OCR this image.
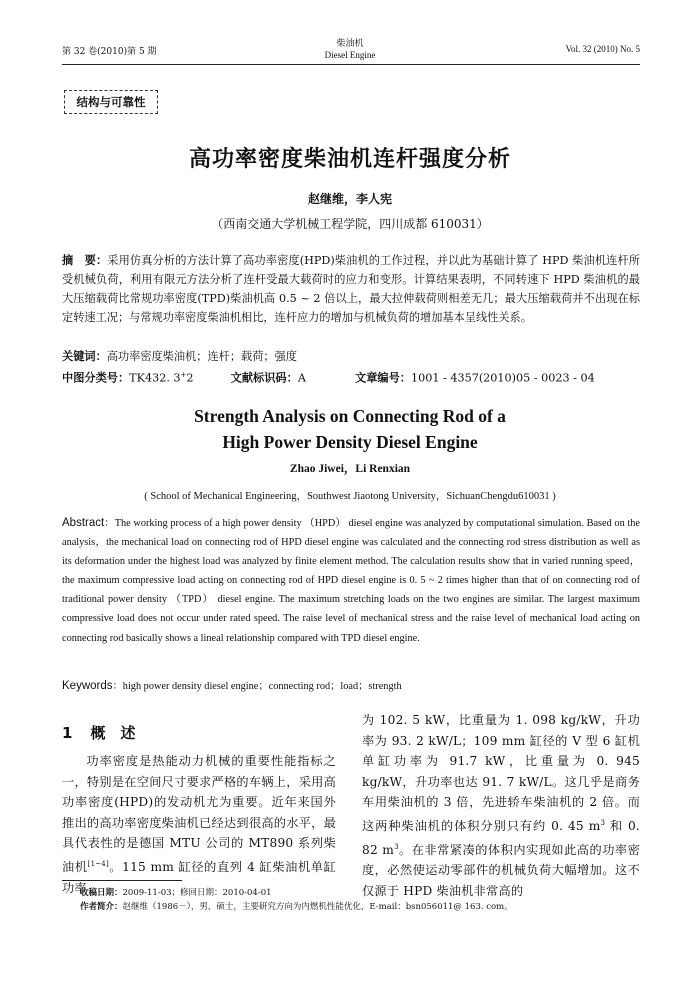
第 32 卷(2010)第 5 期
柴油机
Diesel Engine
Vol. 32 (2010) No. 5
结构与可靠性
高功率密度柴油机连杆强度分析
赵继维，李人宪
（西南交通大学机械工程学院，四川成都 610031）
摘　要：采用仿真分析的方法计算了高功率密度(HPD)柴油机的工作过程，并以此为基础计算了 HPD 柴油机连杆所受机械负荷，利用有限元方法分析了连杆受最大载荷时的应力和变形。计算结果表明，不同转速下 HPD 柴油机的最大压缩载荷比常规功率密度(TPD)柴油机高 0.5 ~ 2 倍以上，最大拉伸载荷则相差无几；最大压缩载荷并不出现在标定转速工况；与常规功率密度柴油机相比，连杆应力的增加与机械负荷的增加基本呈线性关系。
关键词：高功率密度柴油机；连杆；载荷；强度
中图分类号：TK432. 3+2	文献标识码：A	文章编号：1001 - 4357(2010)05 - 0023 - 04
Strength Analysis on Connecting Rod of a
High Power Density Diesel Engine
Zhao Jiwei，Li Renxian
( School of Mechanical Engineering，Southwest Jiaotong University，SichuanChengdu610031 )
Abstract：The working process of a high power density （HPD） diesel engine was analyzed by computational simulation. Based on the analysis，the mechanical load on connecting rod of HPD diesel engine was calculated and the connecting rod stress distribution as well as its deformation under the highest load was analyzed by finite element method. The calculation results show that in varied running speed，the maximum compressive load acting on connecting rod of HPD diesel engine is 0. 5 ~ 2 times higher than that of on connecting rod of traditional power density （TPD） diesel engine. The maximum stretching loads on the two engines are similar. The largest maximum compressive load does not occur under rated speed. The raise level of mechanical stress and the raise level of mechanical load acting on connecting rod basically shows a lineal relationship compared with TPD diesel engine.
Keywords：high power density diesel engine；connecting rod；load；strength
1 概　述
功率密度是热能动力机械的重要性能指标之一，特别是在空间尺寸要求严格的车辆上，采用高功率密度(HPD)的发动机尤为重要。近年来国外推出的高功率密度柴油机已经达到很高的水平，最具代表性的是德国 MTU 公司的 MT890 系列柴油机[1~4]。115 mm 缸径的直列 4 缸柴油机单缸功率
为 102. 5 kW，比重量为 1. 098 kg/kW，升功率为 93. 2 kW/L；109 mm 缸径的 V 型 6 缸机单缸功率为 91.7 kW，比重量为 0. 945 kg/kW，升功率也达 91. 7 kW/L。这几乎是商务车用柴油机的 3 倍，先进轿车柴油机的 2 倍。而这两种柴油机的体积分别只有约 0. 45 $m^3$ 和 0. 82 $m^3$。在非常紧凑的体积内实现如此高的功率密度，必然使运动零部件的机械负荷大幅增加。这不仅源于 HPD 柴油机非常高的
收稿日期：2009-11-03；修回日期：2010-04-01
作者简介：赵继维（1986－），男，硕士，主要研究方向为内燃机性能优化，E-mail：bsn056011@ 163. com。
